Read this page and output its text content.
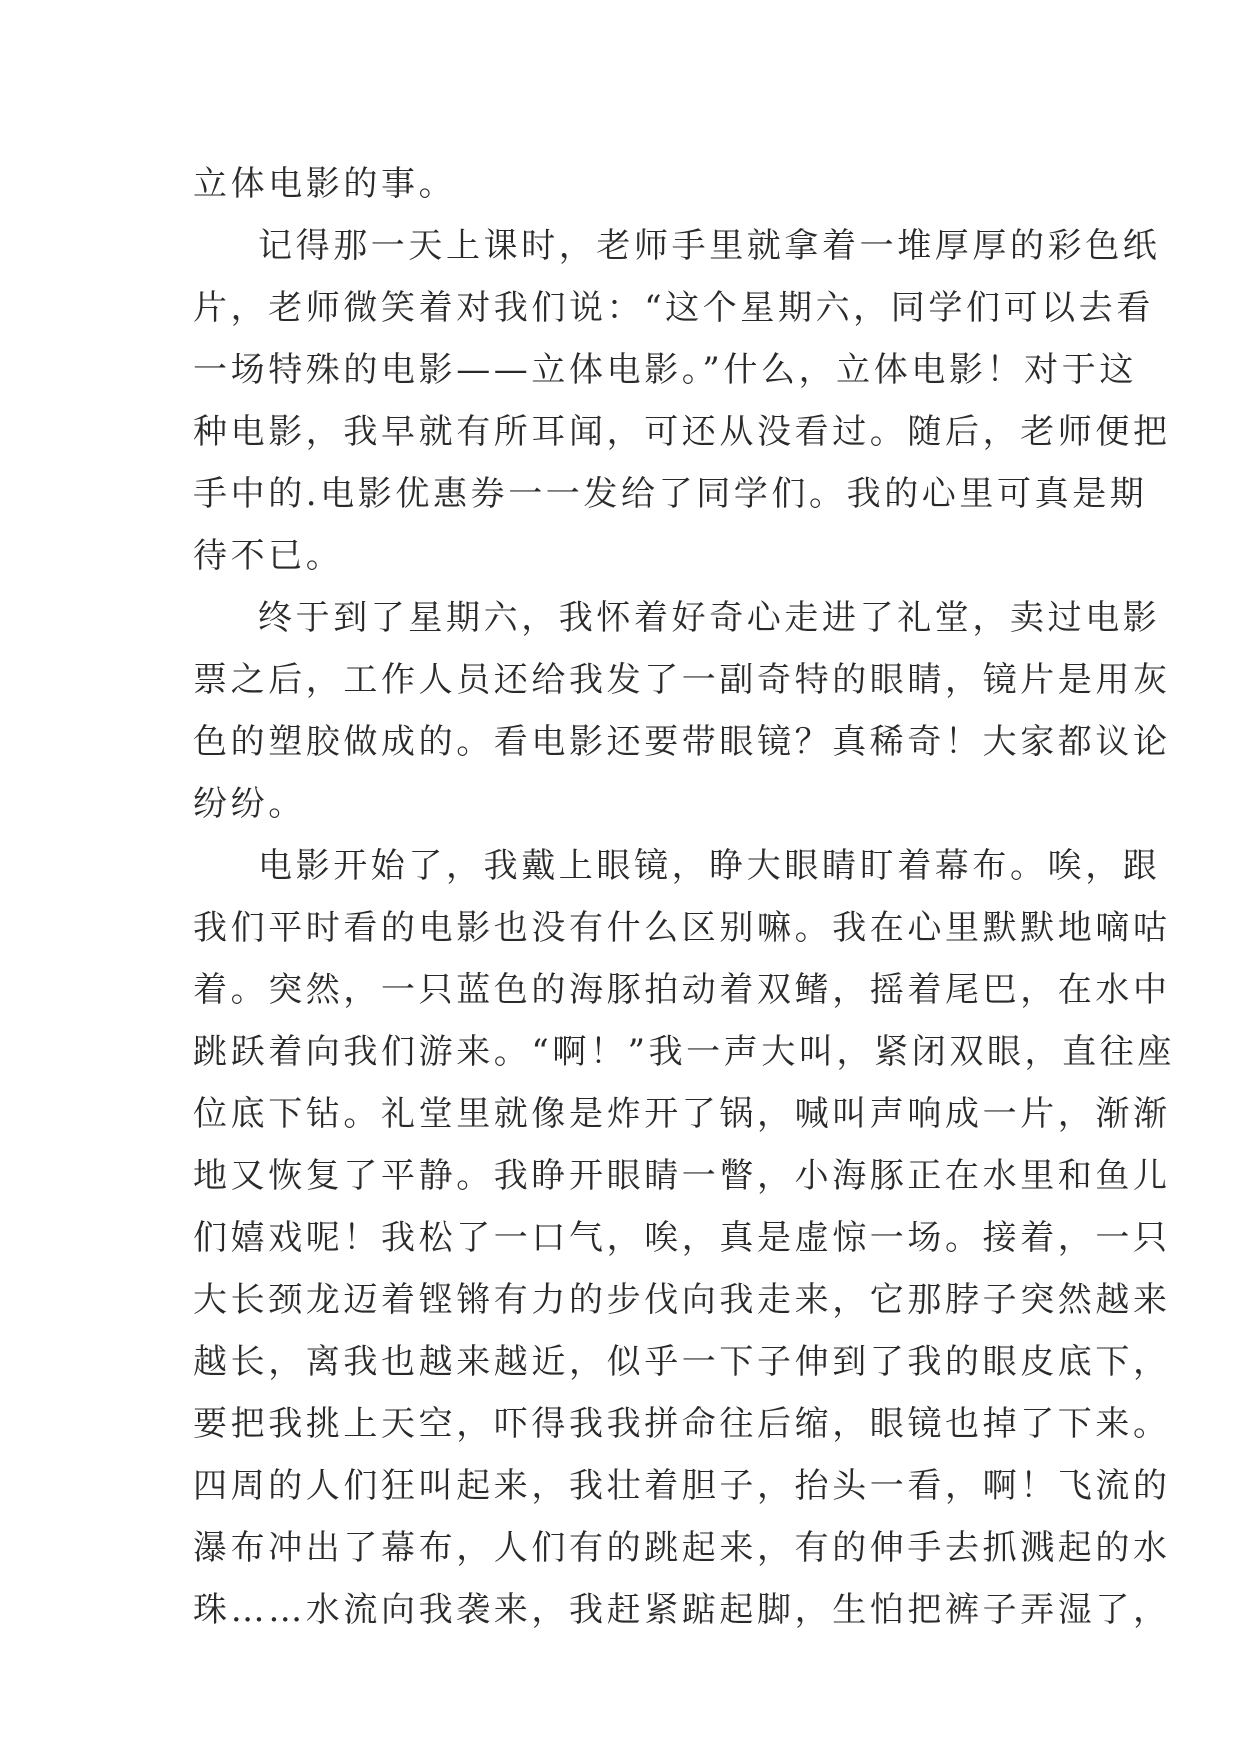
立体电影的事。

记得那一天上课时，老师手里就拿着一堆厚厚的彩色纸
片，老师微笑着对我们说：“这个星期六，同学们可以去看
一场特殊的电影——立体电影。”什么，立体电影！对于这
种电影，我早就有所耳闻，可还从没看过。随后，老师便把
手中的.电影优惠券一一发给了同学们。我的心里可真是期
待不已。

终于到了星期六，我怀着好奇心走进了礼堂，卖过电影
票之后，工作人员还给我发了一副奇特的眼睛，镜片是用灰
色的塑胶做成的。看电影还要带眼镜？真稀奇！大家都议论
纷纷。

电影开始了，我戴上眼镜，睁大眼睛盯着幕布。唉，跟
我们平时看的电影也没有什么区别嘛。我在心里默默地嘀咕
着。突然，一只蓝色的海豚拍动着双鳍，摇着尾巴，在水中
跳跃着向我们游来。“啊！”我一声大叫，紧闭双眼，直往座
位底下钻。礼堂里就像是炸开了锅，喊叫声响成一片，渐渐
地又恢复了平静。我睁开眼睛一瞥，小海豚正在水里和鱼儿
们嬉戏呢！我松了一口气，唉，真是虚惊一场。接着，一只
大长颈龙迈着铿锵有力的步伐向我走来，它那脖子突然越来
越长，离我也越来越近，似乎一下子伸到了我的眼皮底下，
要把我挑上天空，吓得我我拼命往后缩，眼镜也掉了下来。
四周的人们狂叫起来，我壮着胆子，抬头一看，啊！飞流的
瀑布冲出了幕布，人们有的跳起来，有的伸手去抓溅起的水
珠……水流向我袭来，我赶紧踮起脚，生怕把裤子弄湿了，
